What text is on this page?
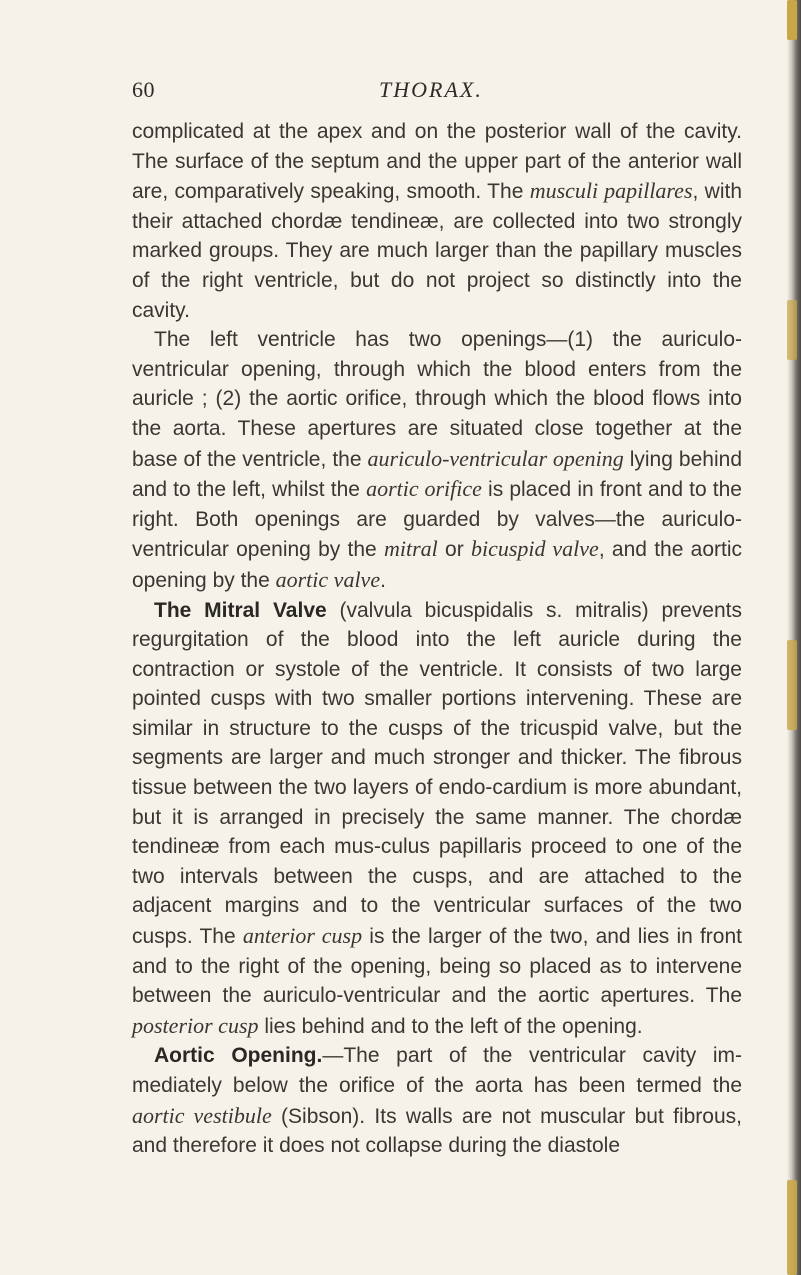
60	THORAX.

complicated at the apex and on the posterior wall of the cavity. The surface of the septum and the upper part of the anterior wall are, comparatively speaking, smooth. The musculi papillares, with their attached chordæ tendineæ, are collected into two strongly marked groups. They are much larger than the papillary muscles of the right ventricle, but do not project so distinctly into the cavity.

The left ventricle has two openings—(1) the auriculo-ventricular opening, through which the blood enters from the auricle ; (2) the aortic orifice, through which the blood flows into the aorta. These apertures are situated close together at the base of the ventricle, the auriculo-ventricular opening lying behind and to the left, whilst the aortic orifice is placed in front and to the right. Both openings are guarded by valves—the auriculo-ventricular opening by the mitral or bicuspid valve, and the aortic opening by the aortic valve.

The Mitral Valve (valvula bicuspidalis s. mitralis) prevents regurgitation of the blood into the left auricle during the contraction or systole of the ventricle. It consists of two large pointed cusps with two smaller portions intervening. These are similar in structure to the cusps of the tricuspid valve, but the segments are larger and much stronger and thicker. The fibrous tissue between the two layers of endo-cardium is more abundant, but it is arranged in precisely the same manner. The chordæ tendineæ from each mus-culus papillaris proceed to one of the two intervals between the cusps, and are attached to the adjacent margins and to the ventricular surfaces of the two cusps. The anterior cusp is the larger of the two, and lies in front and to the right of the opening, being so placed as to intervene between the auriculo-ventricular and the aortic apertures. The posterior cusp lies behind and to the left of the opening.

Aortic Opening.—The part of the ventricular cavity im-mediately below the orifice of the aorta has been termed the aortic vestibule (Sibson). Its walls are not muscular but fibrous, and therefore it does not collapse during the diastole
